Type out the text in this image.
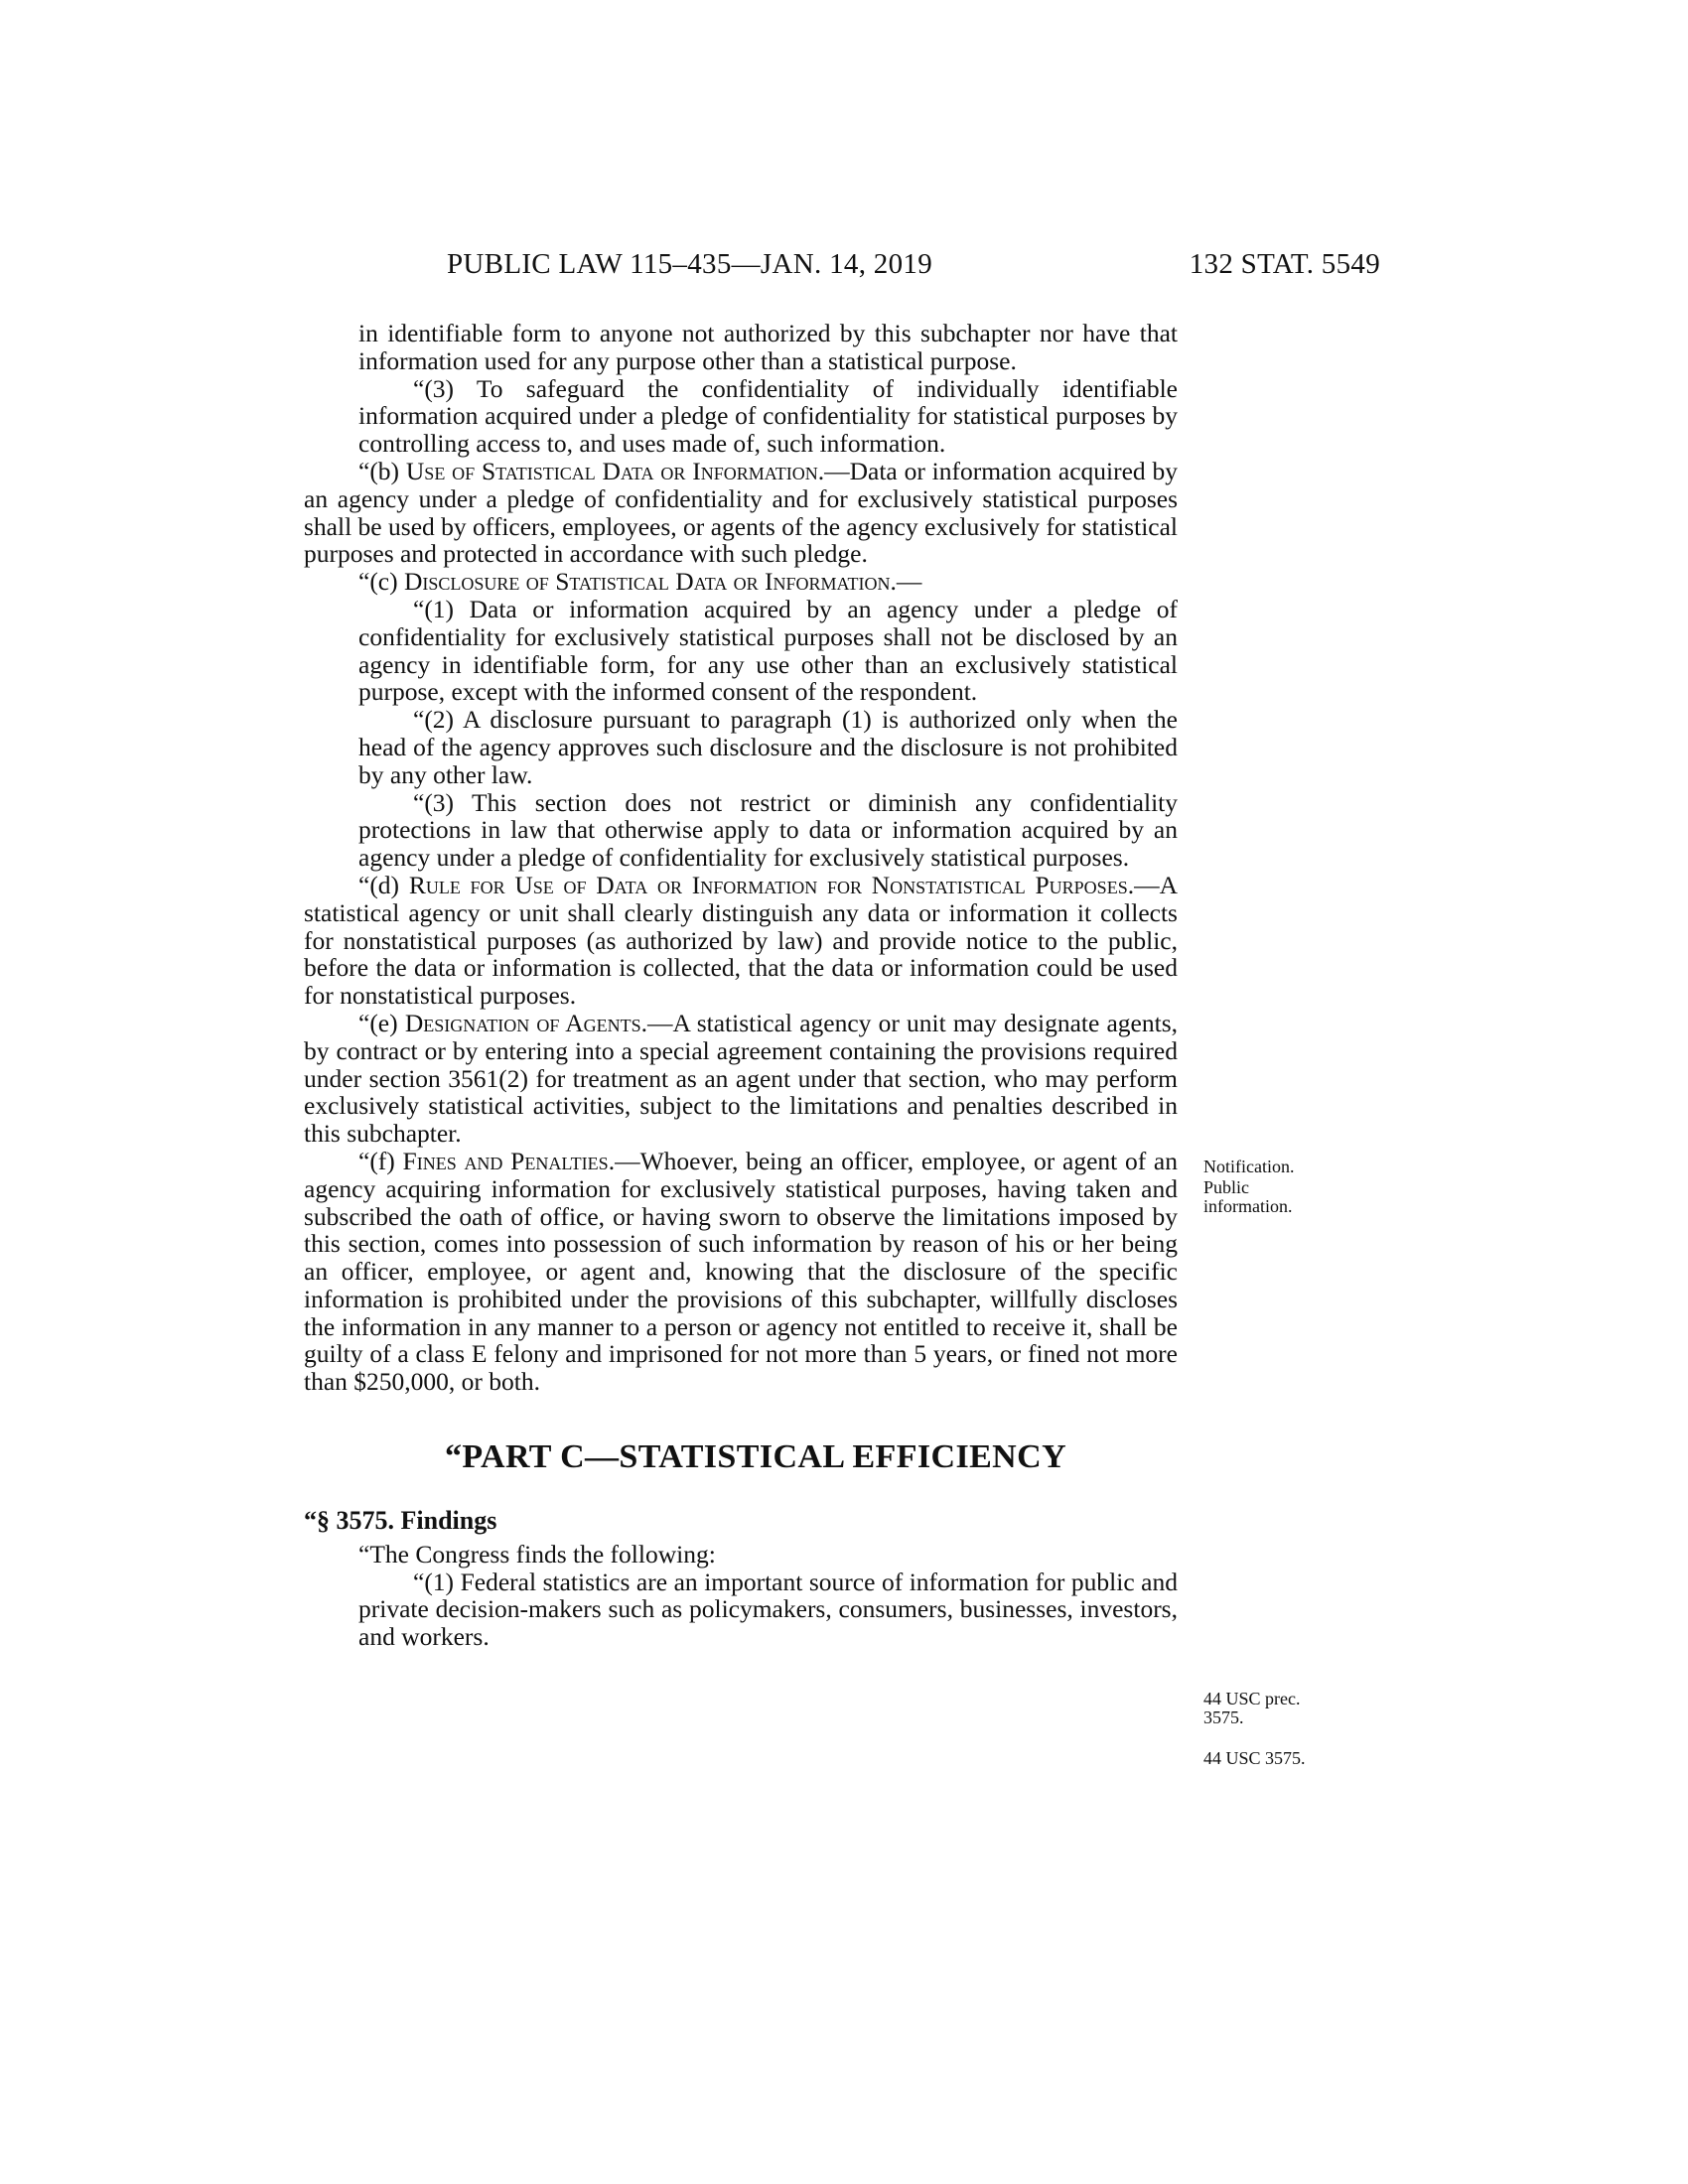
PUBLIC LAW 115–435—JAN. 14, 2019	132 STAT. 5549

in identifiable form to anyone not authorized by this subchapter nor have that information used for any purpose other than a statistical purpose.

“(3) To safeguard the confidentiality of individually identifiable information acquired under a pledge of confidentiality for statistical purposes by controlling access to, and uses made of, such information.

“(b) Use of Statistical Data or Information.—Data or information acquired by an agency under a pledge of confidentiality and for exclusively statistical purposes shall be used by officers, employees, or agents of the agency exclusively for statistical purposes and protected in accordance with such pledge.

“(c) Disclosure of Statistical Data or Information.—

“(1) Data or information acquired by an agency under a pledge of confidentiality for exclusively statistical purposes shall not be disclosed by an agency in identifiable form, for any use other than an exclusively statistical purpose, except with the informed consent of the respondent.

“(2) A disclosure pursuant to paragraph (1) is authorized only when the head of the agency approves such disclosure and the disclosure is not prohibited by any other law.

“(3) This section does not restrict or diminish any confidentiality protections in law that otherwise apply to data or information acquired by an agency under a pledge of confidentiality for exclusively statistical purposes.

“(d) Rule for Use of Data or Information for Nonstatistical Purposes.—A statistical agency or unit shall clearly distinguish any data or information it collects for nonstatistical purposes (as authorized by law) and provide notice to the public, before the data or information is collected, that the data or information could be used for nonstatistical purposes.

“(e) Designation of Agents.—A statistical agency or unit may designate agents, by contract or by entering into a special agreement containing the provisions required under section 3561(2) for treatment as an agent under that section, who may perform exclusively statistical activities, subject to the limitations and penalties described in this subchapter.

“(f) Fines and Penalties.—Whoever, being an officer, employee, or agent of an agency acquiring information for exclusively statistical purposes, having taken and subscribed the oath of office, or having sworn to observe the limitations imposed by this section, comes into possession of such information by reason of his or her being an officer, employee, or agent and, knowing that the disclosure of the specific information is prohibited under the provisions of this subchapter, willfully discloses the information in any manner to a person or agency not entitled to receive it, shall be guilty of a class E felony and imprisoned for not more than 5 years, or fined not more than $250,000, or both.

“PART C—STATISTICAL EFFICIENCY
“§ 3575. Findings

“The Congress finds the following:

“(1) Federal statistics are an important source of information for public and private decision-makers such as policymakers, consumers, businesses, investors, and workers.

Notification.
Public information.
44 USC prec. 3575.
44 USC 3575.
